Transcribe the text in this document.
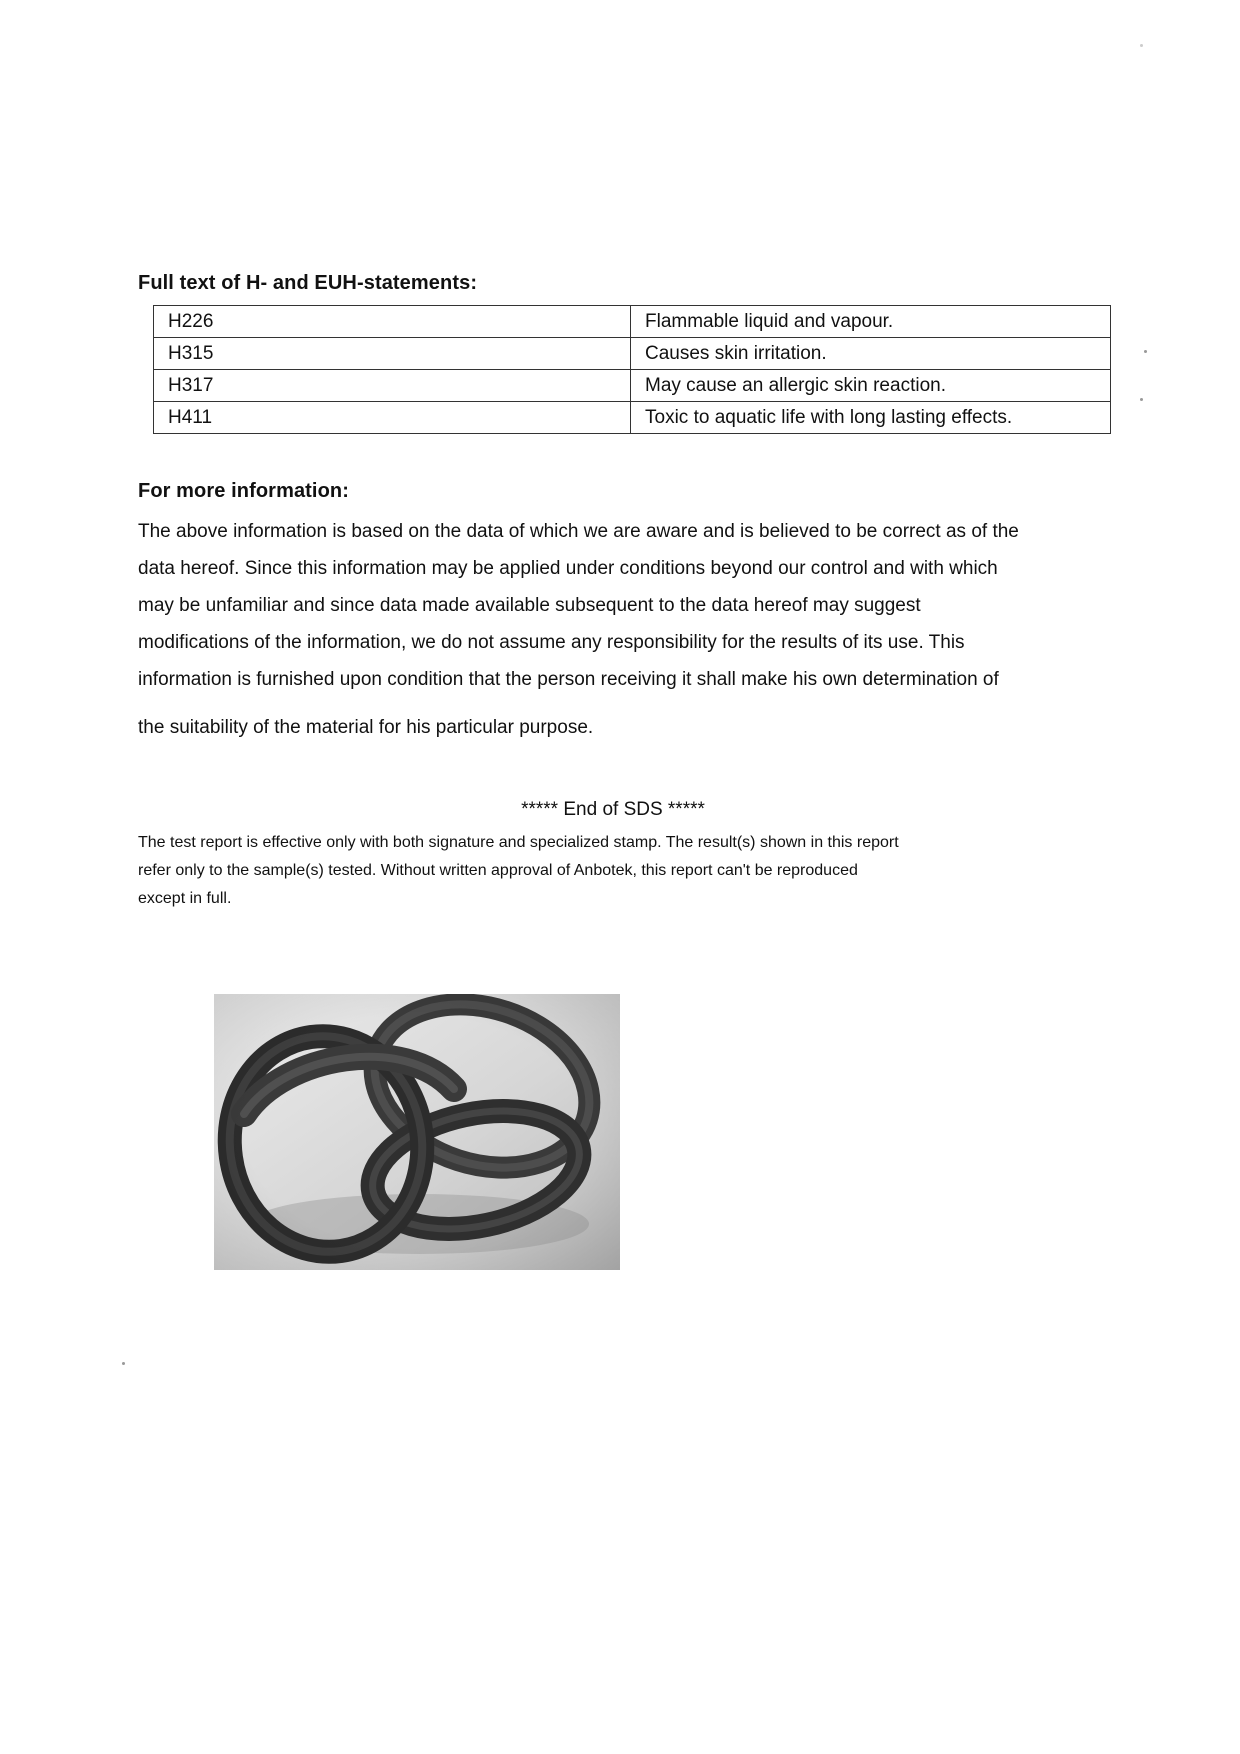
Full text of H- and EUH-statements:
H226	Flammable liquid and vapour.
H315	Causes skin irritation.
H317	May cause an allergic skin reaction.
H411	Toxic to aquatic life with long lasting effects.
For more information:

The above information is based on the data of which we are aware and is believed to be correct as of the
data hereof. Since this information may be applied under conditions beyond our control and with which
may be unfamiliar and since data made available subsequent to the data hereof may suggest
modifications of the information, we do not assume any responsibility for the results of its use. This
information is furnished upon condition that the person receiving it shall make his own determination of
the suitability of the material for his particular purpose.

***** End of SDS *****

The test report is effective only with both signature and specialized stamp. The result(s) shown in this report
refer only to the sample(s) tested. Without written approval of Anbotek, this report can't be reproduced
except in full.
